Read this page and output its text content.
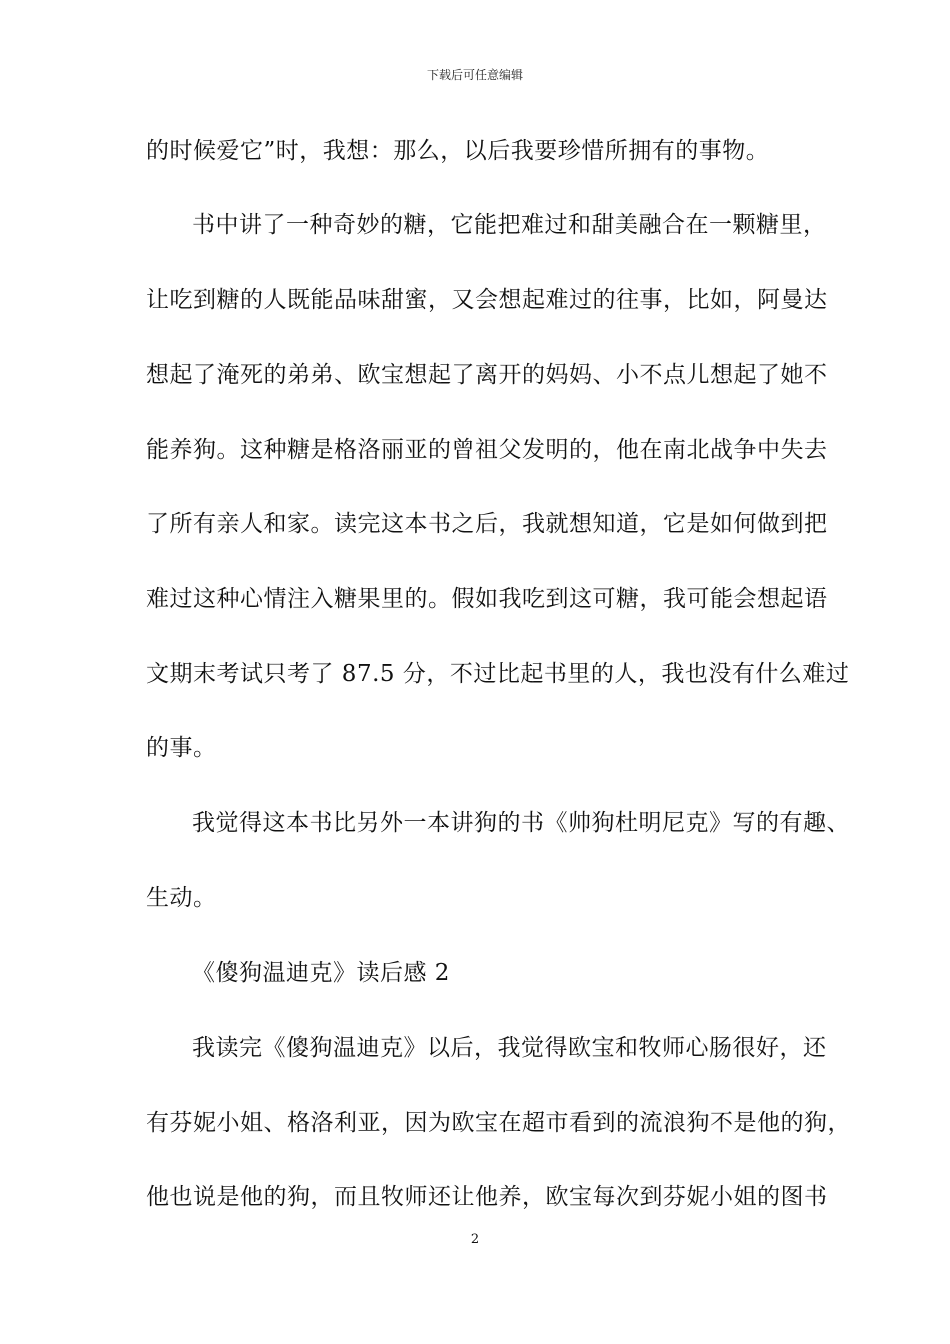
下载后可任意编辑
的时候爱它”时，我想：那么，以后我要珍惜所拥有的事物。
书中讲了一种奇妙的糖，它能把难过和甜美融合在一颗糖里，
让吃到糖的人既能品味甜蜜，又会想起难过的往事，比如，阿曼达
想起了淹死的弟弟、欧宝想起了离开的妈妈、小不点儿想起了她不
能养狗。这种糖是格洛丽亚的曾祖父发明的，他在南北战争中失去
了所有亲人和家。读完这本书之后，我就想知道，它是如何做到把
难过这种心情注入糖果里的。假如我吃到这可糖，我可能会想起语
文期末考试只考了 87.5 分，不过比起书里的人，我也没有什么难过
的事。
我觉得这本书比另外一本讲狗的书《帅狗杜明尼克》写的有趣、
生动。
《傻狗温迪克》读后感 2
我读完《傻狗温迪克》以后，我觉得欧宝和牧师心肠很好，还
有芬妮小姐、格洛利亚，因为欧宝在超市看到的流浪狗不是他的狗，
他也说是他的狗，而且牧师还让他养，欧宝每次到芬妮小姐的图书
2
